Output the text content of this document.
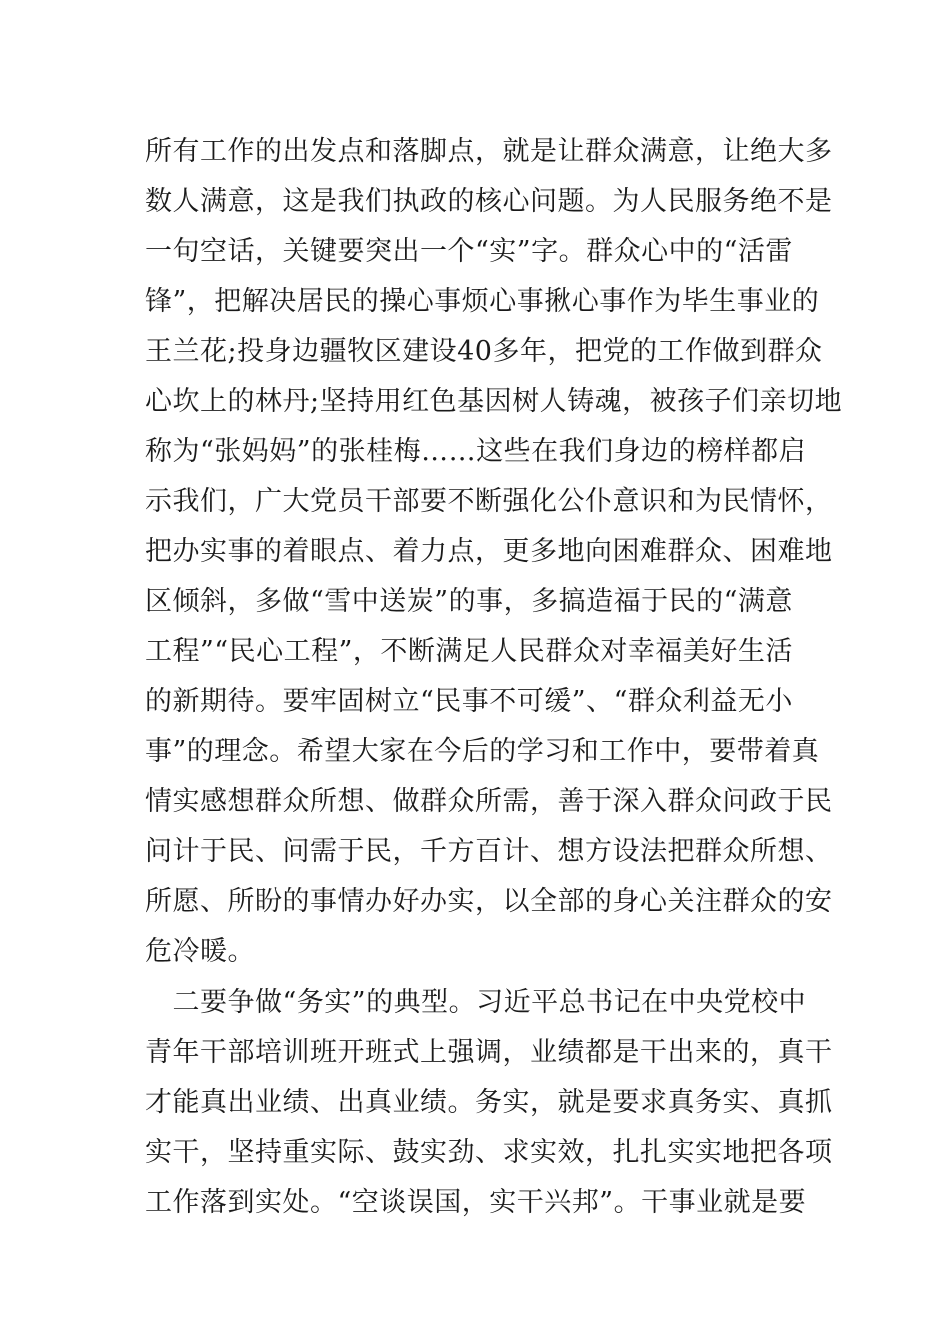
所有工作的出发点和落脚点，就是让群众满意，让绝大多
数人满意，这是我们执政的核心问题。为人民服务绝不是
一句空话，关键要突出一个“实”字。群众心中的“活雷
锋”，把解决居民的操心事烦心事揪心事作为毕生事业的
王兰花;投身边疆牧区建设40多年，把党的工作做到群众
心坎上的林丹;坚持用红色基因树人铸魂，被孩子们亲切地
称为“张妈妈”的张桂梅……这些在我们身边的榜样都启
示我们，广大党员干部要不断强化公仆意识和为民情怀，
把办实事的着眼点、着力点，更多地向困难群众、困难地
区倾斜，多做“雪中送炭”的事，多搞造福于民的“满意
工程”“民心工程”，不断满足人民群众对幸福美好生活
的新期待。要牢固树立“民事不可缓”、“群众利益无小
事”的理念。希望大家在今后的学习和工作中，要带着真
情实感想群众所想、做群众所需，善于深入群众问政于民
问计于民、问需于民，千方百计、想方设法把群众所想、
所愿、所盼的事情办好办实，以全部的身心关注群众的安
危冷暖。
　二要争做“务实”的典型。习近平总书记在中央党校中
青年干部培训班开班式上强调，业绩都是干出来的，真干
才能真出业绩、出真业绩。务实，就是要求真务实、真抓
实干，坚持重实际、鼓实劲、求实效，扎扎实实地把各项
工作落到实处。“空谈误国，实干兴邦”。干事业就是要
